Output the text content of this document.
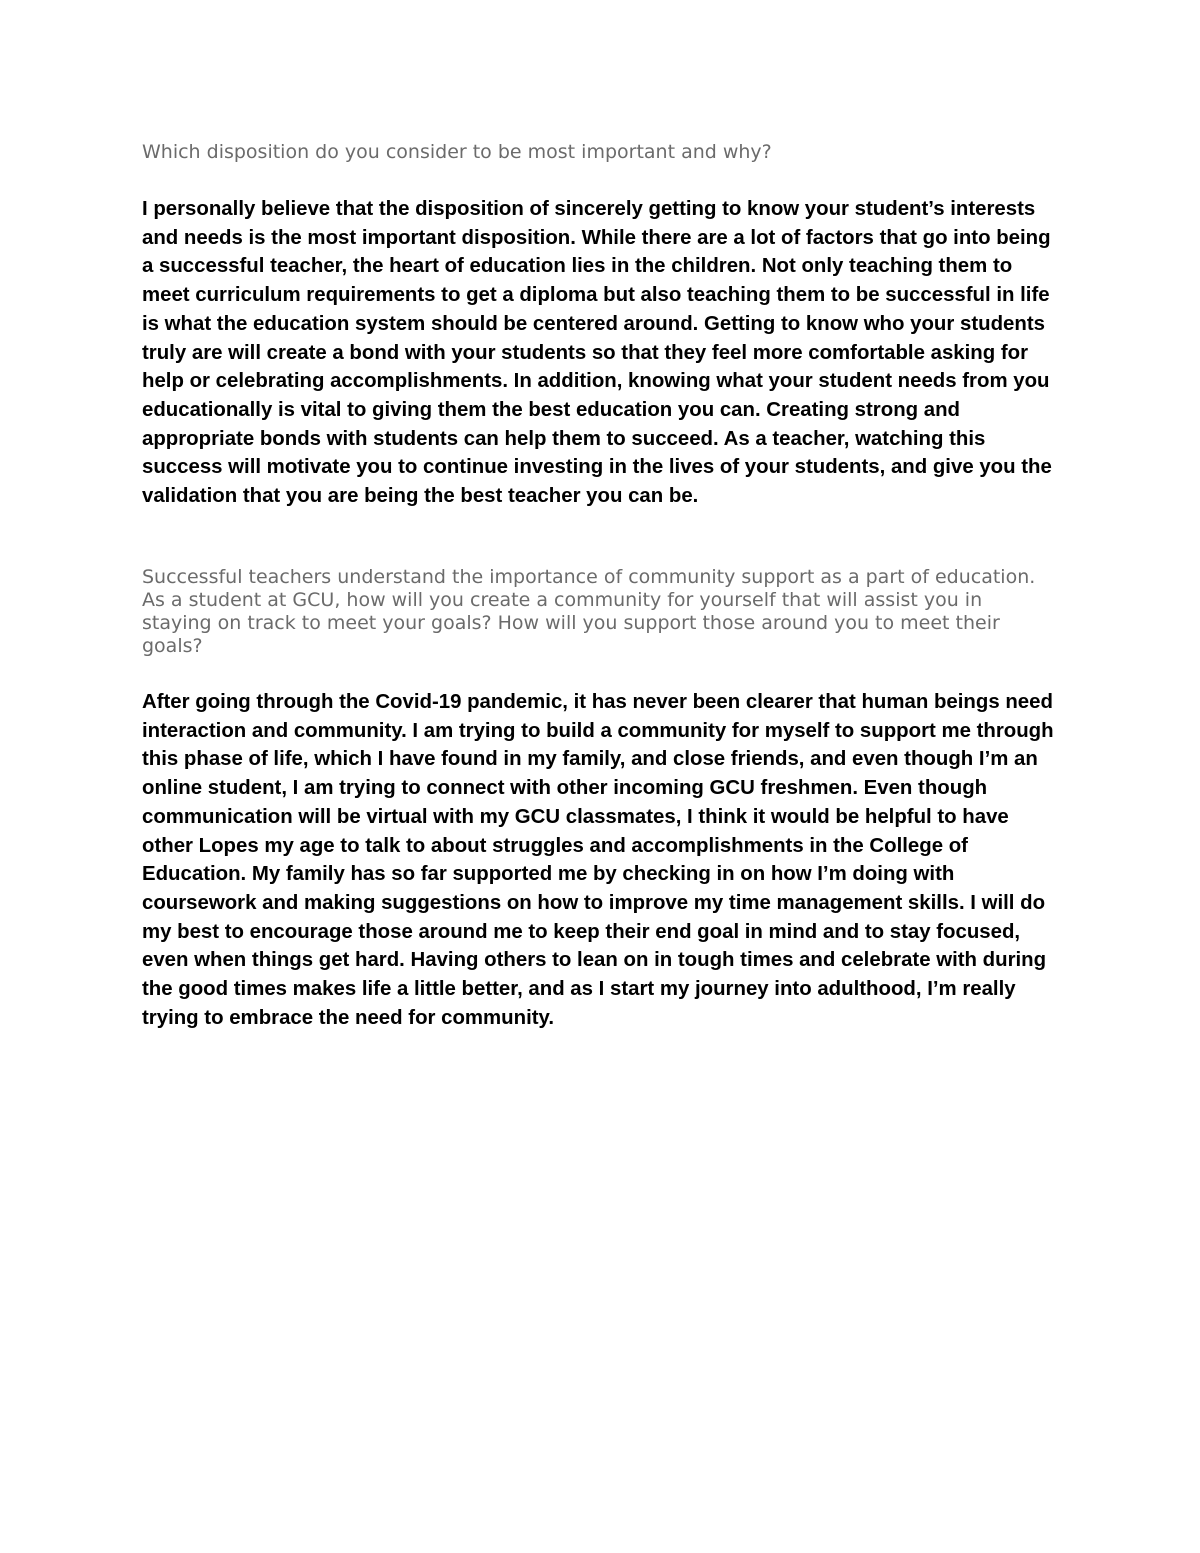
Which disposition do you consider to be most important and why?

I personally believe that the disposition of sincerely getting to know your student’s interests and needs is the most important disposition. While there are a lot of factors that go into being a successful teacher, the heart of education lies in the children. Not only teaching them to meet curriculum requirements to get a diploma but also teaching them to be successful in life is what the education system should be centered around. Getting to know who your students truly are will create a bond with your students so that they feel more comfortable asking for help or celebrating accomplishments. In addition, knowing what your student needs from you educationally is vital to giving them the best education you can. Creating strong and appropriate bonds with students can help them to succeed. As a teacher, watching this success will motivate you to continue investing in the lives of your students, and give you the validation that you are being the best teacher you can be.

Successful teachers understand the importance of community support as a part of education. As a student at GCU, how will you create a community for yourself that will assist you in staying on track to meet your goals? How will you support those around you to meet their goals?

After going through the Covid-19 pandemic, it has never been clearer that human beings need interaction and community. I am trying to build a community for myself to support me through this phase of life, which I have found in my family, and close friends, and even though I’m an online student, I am trying to connect with other incoming GCU freshmen. Even though communication will be virtual with my GCU classmates, I think it would be helpful to have other Lopes my age to talk to about struggles and accomplishments in the College of Education. My family has so far supported me by checking in on how I’m doing with coursework and making suggestions on how to improve my time management skills. I will do my best to encourage those around me to keep their end goal in mind and to stay focused, even when things get hard. Having others to lean on in tough times and celebrate with during the good times makes life a little better, and as I start my journey into adulthood, I’m really trying to embrace the need for community.
